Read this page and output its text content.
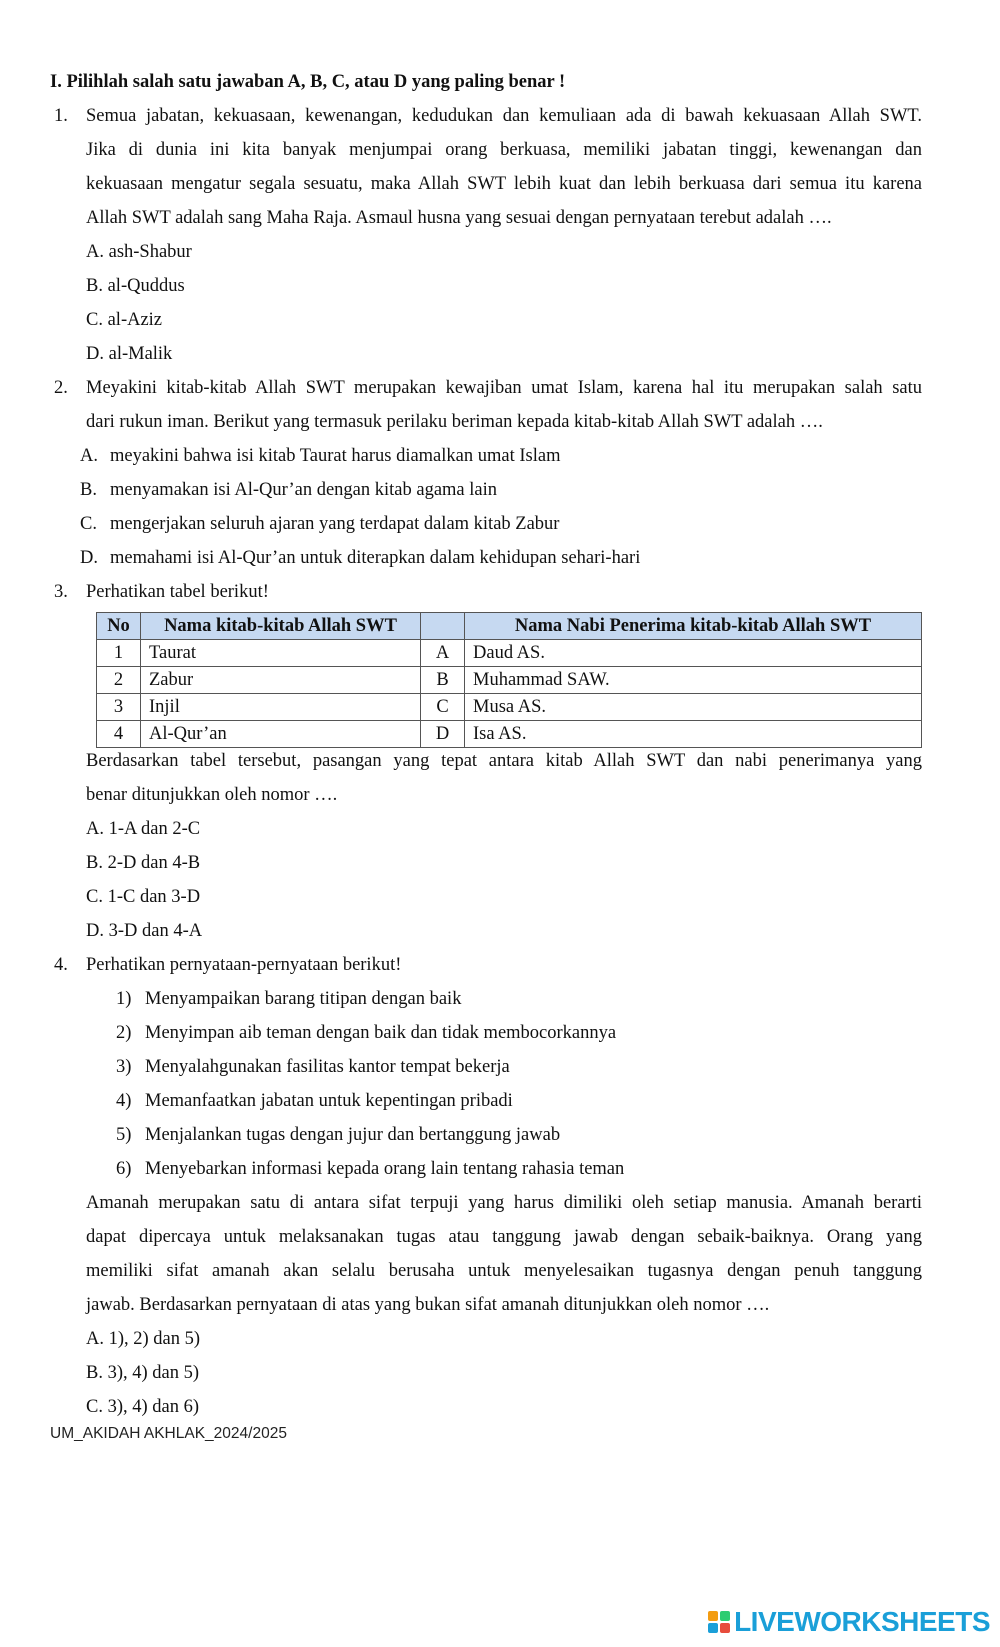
I. Pilihlah salah satu jawaban A, B, C, atau D yang paling benar !
1. Semua jabatan, kekuasaan, kewenangan, kedudukan dan kemuliaan ada di bawah kekuasaan Allah SWT.
Jika di dunia ini kita banyak menjumpai orang berkuasa, memiliki jabatan tinggi, kewenangan dan
kekuasaan mengatur segala sesuatu, maka Allah SWT lebih kuat dan lebih berkuasa dari semua itu karena
Allah SWT adalah sang Maha Raja. Asmaul husna yang sesuai dengan pernyataan terebut adalah ….
A. ash-Shabur
B. al-Quddus
C. al-Aziz
D. al-Malik
2. Meyakini kitab-kitab Allah SWT merupakan kewajiban umat Islam, karena hal itu merupakan salah satu
dari rukun iman. Berikut yang termasuk perilaku beriman kepada kitab-kitab Allah SWT adalah ….
A. meyakini bahwa isi kitab Taurat harus diamalkan umat Islam
B. menyamakan isi Al-Qur’an dengan kitab agama lain
C. mengerjakan seluruh ajaran yang terdapat dalam kitab Zabur
D. memahami isi Al-Qur’an untuk diterapkan dalam kehidupan sehari-hari
3. Perhatikan tabel berikut!
No	Nama kitab-kitab Allah SWT		Nama Nabi Penerima kitab-kitab Allah SWT
1	Taurat	A	Daud AS.
2	Zabur	B	Muhammad SAW.
3	Injil	C	Musa AS.
4	Al-Qur’an	D	Isa AS.
Berdasarkan tabel tersebut, pasangan yang tepat antara kitab Allah SWT dan nabi penerimanya yang
benar ditunjukkan oleh nomor ….
A. 1-A dan 2-C
B. 2-D dan 4-B
C. 1-C dan 3-D
D. 3-D dan 4-A
4. Perhatikan pernyataan-pernyataan berikut!
1) Menyampaikan barang titipan dengan baik
2) Menyimpan aib teman dengan baik dan tidak membocorkannya
3) Menyalahgunakan fasilitas kantor tempat bekerja
4) Memanfaatkan jabatan untuk kepentingan pribadi
5) Menjalankan tugas dengan jujur dan bertanggung jawab
6) Menyebarkan informasi kepada orang lain tentang rahasia teman
Amanah merupakan satu di antara sifat terpuji yang harus dimiliki oleh setiap manusia. Amanah berarti
dapat dipercaya untuk melaksanakan tugas atau tanggung jawab dengan sebaik-baiknya. Orang yang
memiliki sifat amanah akan selalu berusaha untuk menyelesaikan tugasnya dengan penuh tanggung
jawab. Berdasarkan pernyataan di atas yang bukan sifat amanah ditunjukkan oleh nomor ….
A. 1), 2) dan 5)
B. 3), 4) dan 5)
C. 3), 4) dan 6)
UM_AKIDAH AKHLAK_2024/2025
LIVEWORKSHEETS
